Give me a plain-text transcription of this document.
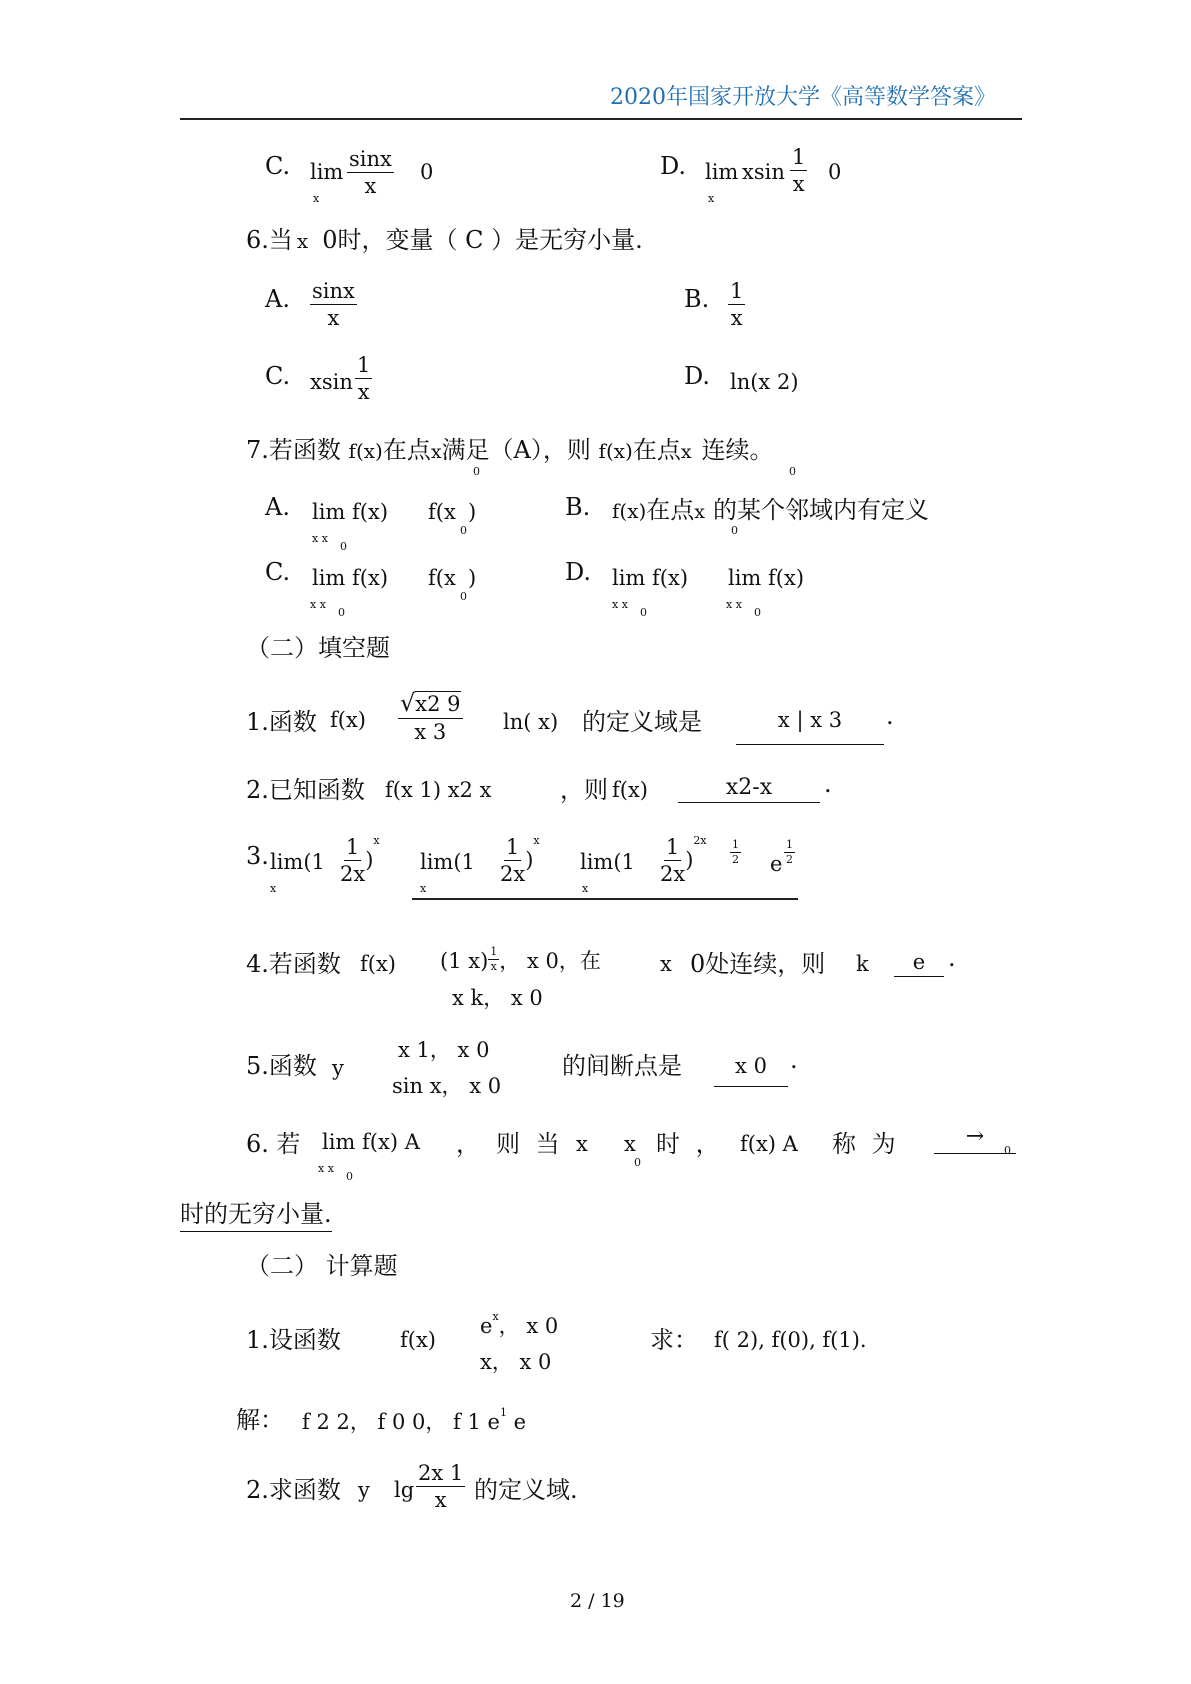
2020年国家开放大学《高等数学答案》
C. lim
x $\frac{\sin x}{x} 0$	D. lim
x
xsin $\frac{1}{x} 0$
6.当 x 0时，变量（ C ）是无穷小量.
A. $\frac{\sin x}{x}$	B. $\frac{1}{x}$
C. xsin $\frac{1}{x}$	D. ln(x 2)
7.若函数 f(x)在点x满足（A），则 f(x)在点x 连续。
0	0
A. lim f(x)
x x
0
f(x
0
)	B. f(x)在点x 的某个邻域内有定义
0
C. lim f(x)
x x
0
f(x
0
)	D. lim f(x)
x x
0
lim f(x)
x x
0
（二）填空题
1.函数 $f(x) \frac{√x2 9}{x 3} \ln$( x) 的定义域是	x | x 3	.
2.已知函数 f(x 1) x2 x	，则 f(x)	x2-x	.
3. lim(1
x	$\frac{1}{2x} )^x$
lim(1
x	$\frac{1}{2x} )^x$
lim(1
x	$\frac{1}{2x} )^{2x} \frac{1}{2}$ e $\frac{1}{2}$
4.若函数 f(x) (1 x) $^{\frac{1}{x}}$ ， x 0，在	x 0处连续，则 k	e .
x k， x 0
5.函数 y
x 1， x 0
sin x， x 0
的间断点是	x 0 .
6. 若 lim f(x) A
x x
0
， 则 当 x x
0
时 ， f(x) A 称 为	→
0
时的无穷小量.
（二） 计算题
1.设函数	f(x)
$e^x$， x 0
x， x 0
求： f( 2), f(0), f(1).
解： f 2 2， f 0 0， f 1 $e^1$ e
2.求函数 y $\lg \frac{2x 1}{x}$ 的定义域.
2 / 19
